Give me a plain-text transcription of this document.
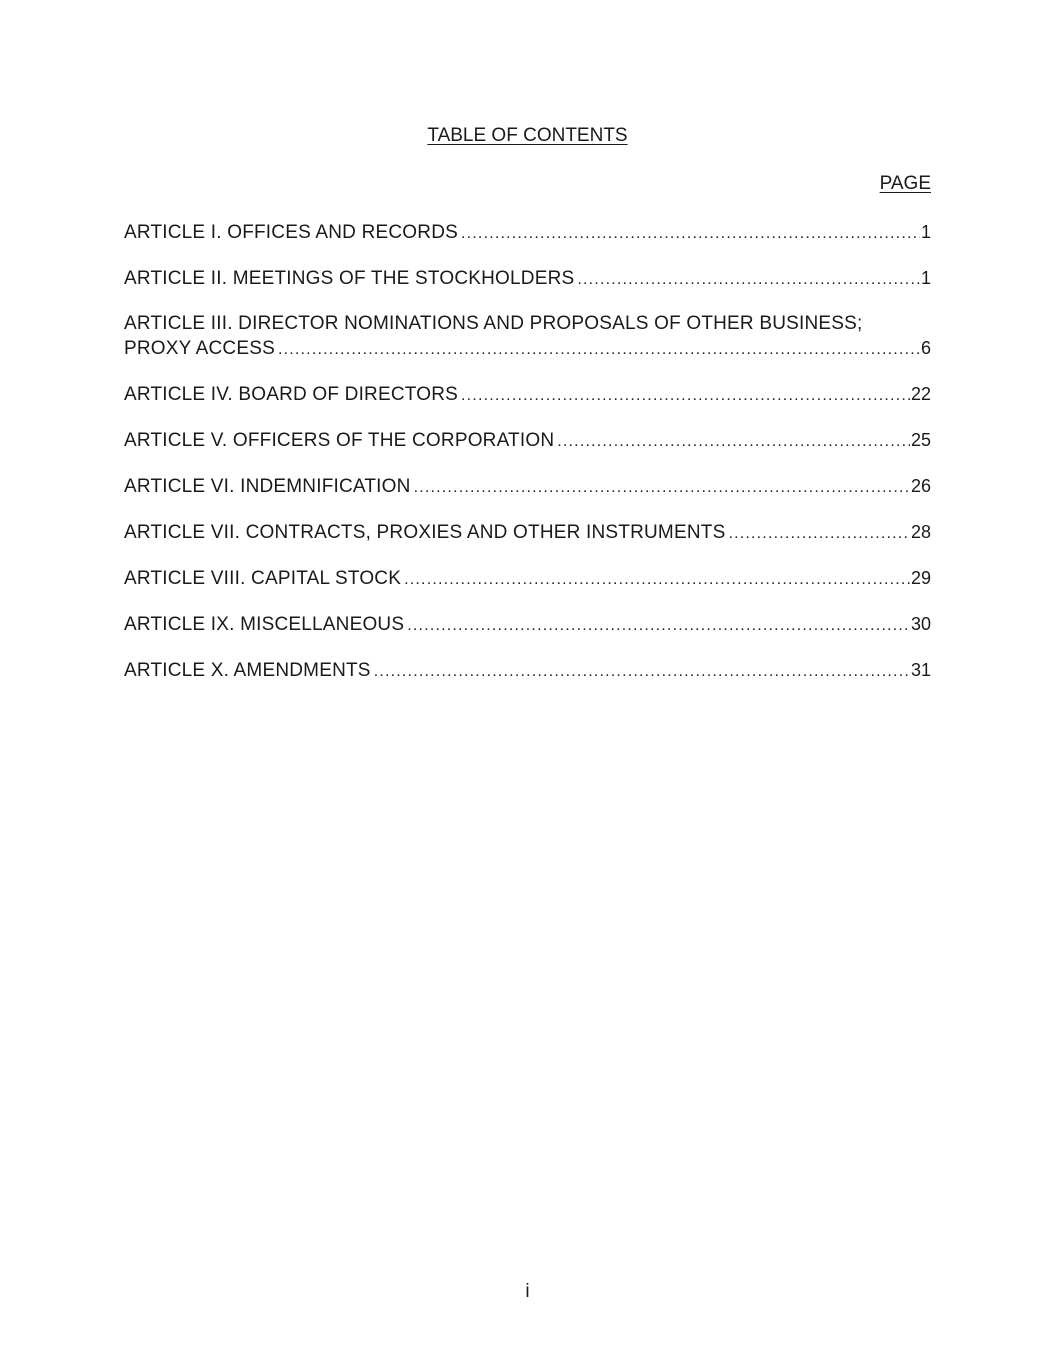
TABLE OF CONTENTS
PAGE
ARTICLE I. OFFICES AND RECORDS .....	1
ARTICLE II. MEETINGS OF THE STOCKHOLDERS .....	1
ARTICLE III. DIRECTOR NOMINATIONS AND PROPOSALS OF OTHER BUSINESS;
PROXY ACCESS .....	6
ARTICLE IV. BOARD OF DIRECTORS .....	22
ARTICLE V. OFFICERS OF THE CORPORATION .....	25
ARTICLE VI. INDEMNIFICATION .....	26
ARTICLE VII. CONTRACTS, PROXIES AND OTHER INSTRUMENTS .....	28
ARTICLE VIII. CAPITAL STOCK .....	29
ARTICLE IX. MISCELLANEOUS .....	30
ARTICLE X. AMENDMENTS .....	31
i
